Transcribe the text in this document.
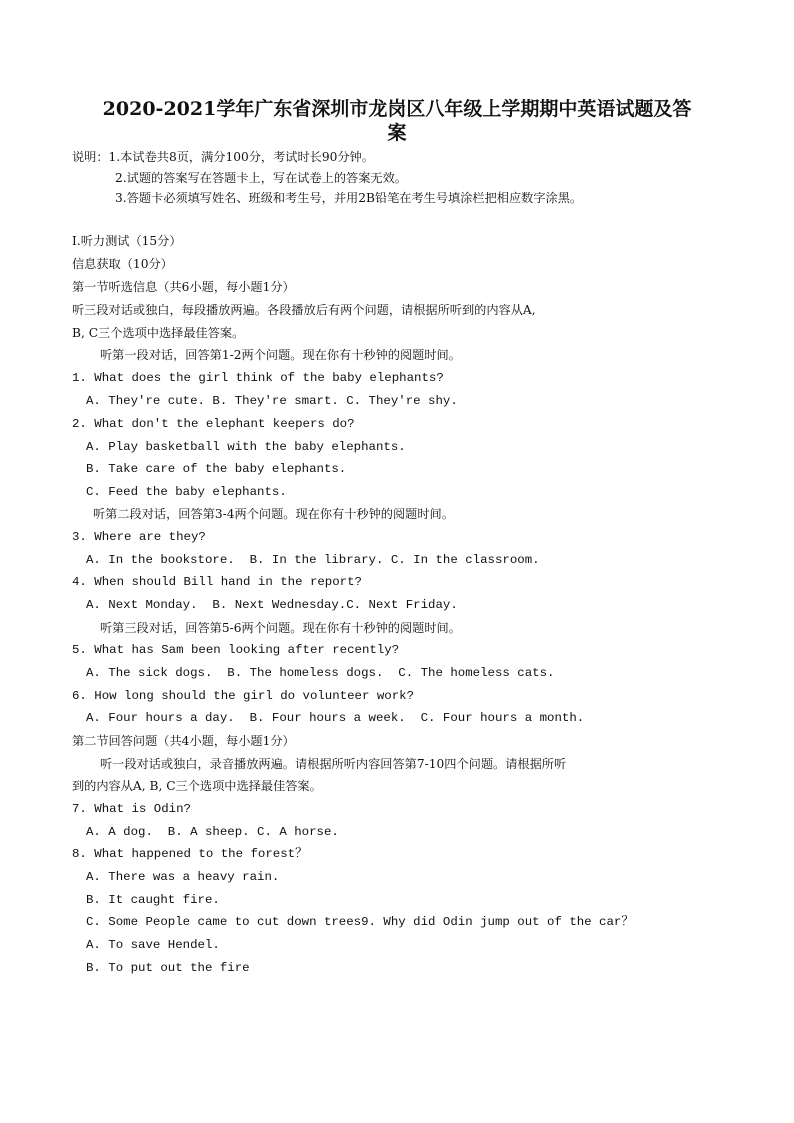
2020-2021学年广东省深圳市龙岗区八年级上学期期中英语试题及答
案
说明：1.本试卷共8页，满分100分，考试时长90分钟。
2.试题的答案写在答题卡上，写在试卷上的答案无效。
3.答题卡必须填写姓名、班级和考生号，并用2B铅笔在考生号填涂栏把相应数字涂黑。
I.听力测试（15分）
信息获取（10分）
第一节听选信息（共6小题，每小题1分）
听三段对话或独白，每段播放两遍。各段播放后有两个问题，请根据所听到的内容从A,
B, C三个选项中选择最佳答案。
听第一段对话，回答第1-2两个问题。现在你有十秒钟的阅题时间。
1. What does the girl think of the baby elephants?
A. They're cute. B. They're smart. C. They're shy.
2. What don't the elephant keepers do?
A. Play basketball with the baby elephants.
B. Take care of the baby elephants.
C. Feed the baby elephants.
听第二段对话，回答第3-4两个问题。现在你有十秒钟的阅题时间。
3. Where are they?
A. In the bookstore.  B. In the library. C. In the classroom.
4. When should Bill hand in the report?
A. Next Monday.  B. Next Wednesday.C. Next Friday.
听第三段对话，回答第5-6两个问题。现在你有十秒钟的阅题时间。
5. What has Sam been looking after recently?
A. The sick dogs.  B. The homeless dogs.  C. The homeless cats.
6. How long should the girl do volunteer work?
A. Four hours a day.  B. Four hours a week.  C. Four hours a month.
第二节回答问题（共4小题，每小题1分）
听一段对话或独白，录音播放两遍。请根据所听内容回答第7-10四个问题。请根据所听
到的内容从A, B, C三个选项中选择最佳答案。
7. What is Odin?
A. A dog.  B. A sheep. C. A horse.
8. What happened to the forest？
A. There was a heavy rain.
B. It caught fire.
C. Some People came to cut down trees9. Why did Odin jump out of the car？
A. To save Hendel.
B. To put out the fire
